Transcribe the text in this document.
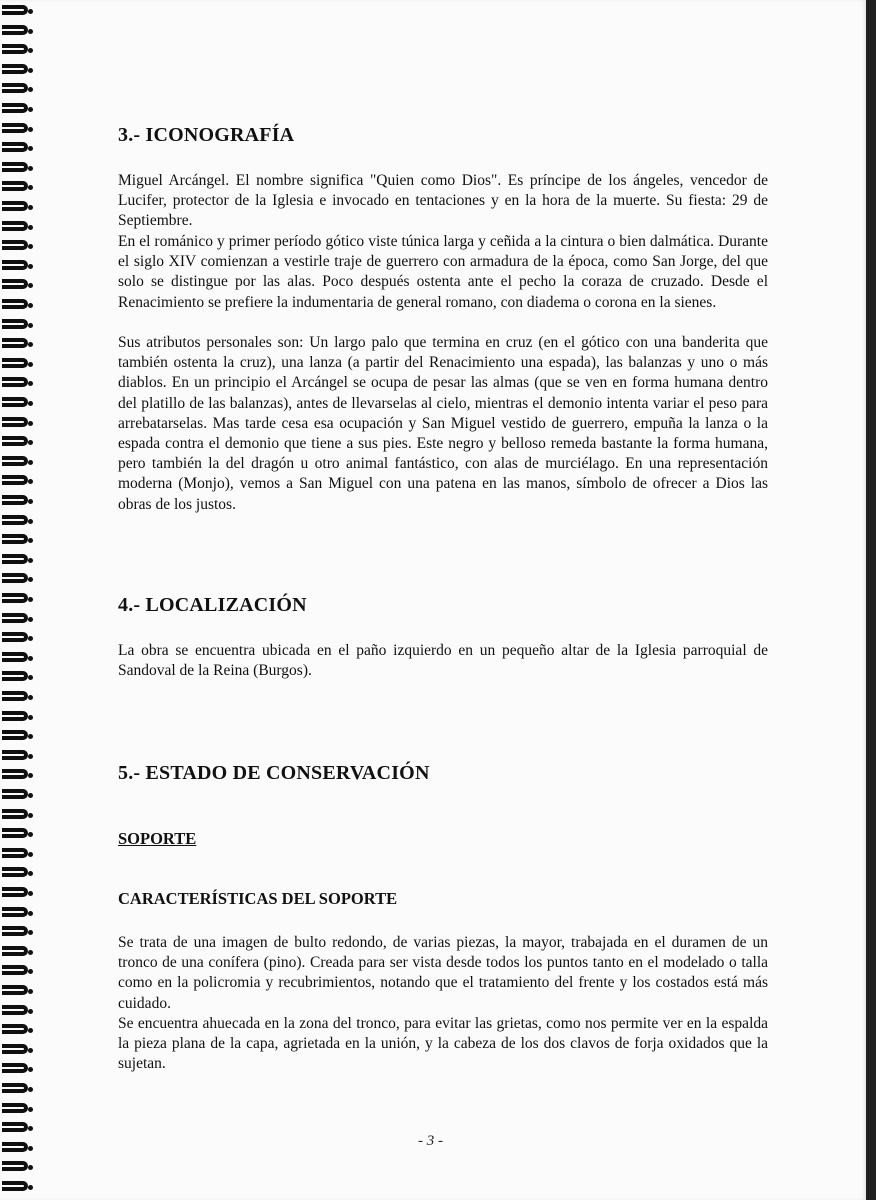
3.- ICONOGRAFÍA

Miguel Arcángel. El nombre significa "Quien como Dios". Es príncipe de los ángeles, vencedor de Lucifer, protector de la Iglesia e invocado en tentaciones y en la hora de la muerte. Su fiesta: 29 de Septiembre.

En el románico y primer período gótico viste túnica larga y ceñida a la cintura o bien dalmática. Durante el siglo XIV comienzan a vestirle traje de guerrero con armadura de la época, como San Jorge, del que solo se distingue por las alas. Poco después ostenta ante el pecho la coraza de cruzado. Desde el Renacimiento se prefiere la indumentaria de general romano, con diadema o corona en la sienes.

Sus atributos personales son: Un largo palo que termina en cruz (en el gótico con una banderita que también ostenta la cruz), una lanza (a partir del Renacimiento una espada), las balanzas y uno o más diablos. En un principio el Arcángel se ocupa de pesar las almas (que se ven en forma humana dentro del platillo de las balanzas), antes de llevarselas al cielo, mientras el demonio intenta variar el peso para arrebatarselas. Mas tarde cesa esa ocupación y San Miguel vestido de guerrero, empuña la lanza o la espada contra el demonio que tiene a sus pies. Este negro y belloso remeda bastante la forma humana, pero también la del dragón u otro animal fantástico, con alas de murciélago. En una representación moderna (Monjo), vemos a San Miguel con una patena en las manos, símbolo de ofrecer a Dios las obras de los justos.

4.- LOCALIZACIÓN

La obra se encuentra ubicada en el paño izquierdo en un pequeño altar de la Iglesia parroquial de Sandoval de la Reina (Burgos).

5.- ESTADO DE CONSERVACIÓN
SOPORTE
CARACTERÍSTICAS DEL SOPORTE

Se trata de una imagen de bulto redondo, de varias piezas, la mayor, trabajada en el duramen de un tronco de una conífera (pino). Creada para ser vista desde todos los puntos tanto en el modelado o talla como en la policromia y recubrimientos, notando que el tratamiento del frente y los costados está más cuidado.

Se encuentra ahuecada en la zona del tronco, para evitar las grietas, como nos permite ver en la espalda la pieza plana de la capa, agrietada en la unión, y la cabeza de los dos clavos de forja oxidados que la sujetan.

- 3 -
